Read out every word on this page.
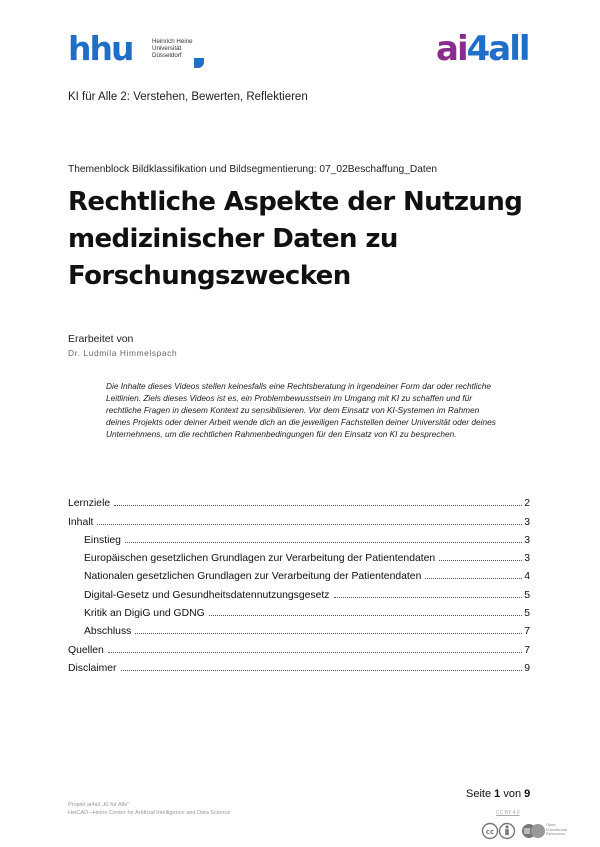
hhu	Heinrich Heine
Universität
Düsseldorf	ai4all
KI für Alle 2: Verstehen, Bewerten, Reflektieren
Themenblock Bildklassifikation und Bildsegmentierung: 07_02Beschaffung_Daten
Rechtliche Aspekte der Nutzung medizinischer Daten zu Forschungszwecken
Erarbeitet von
Dr. Ludmila Himmelspach
Die Inhalte dieses Videos stellen keinesfalls eine Rechtsberatung in irgendeiner Form dar oder rechtliche Leitlinien. Ziels dieses Videos ist es, ein Problembewusstsein im Umgang mit KI zu schaffen und für rechtliche Fragen in diesem Kontext zu sensibilisieren. Vor dem Einsatz von KI-Systemen im Rahmen deines Projekts oder deiner Arbeit wende dich an die jeweiligen Fachstellen deiner Universität oder deines Unternehmens, um die rechtlichen Rahmenbedingungen für den Einsatz von KI zu besprechen.
Lernziele	2
Inhalt	3
Einstieg	3
Europäischen gesetzlichen Grundlagen zur Verarbeitung der Patientendaten	3
Nationalen gesetzlichen Grundlagen zur Verarbeitung der Patientendaten	4
Digital-Gesetz und Gesundheitsdatennutzungsgesetz	5
Kritik an DigiG und GDNG	5
Abschluss	7
Quellen	7
Disclaimer	9
Seite 1 von 9
Projekt ai4all „KI für Alle“
HeiCAD –Heine Center for Artificial Intelligence and Data Science	CC BY 4.0
cc
Open
Educational
Resources
